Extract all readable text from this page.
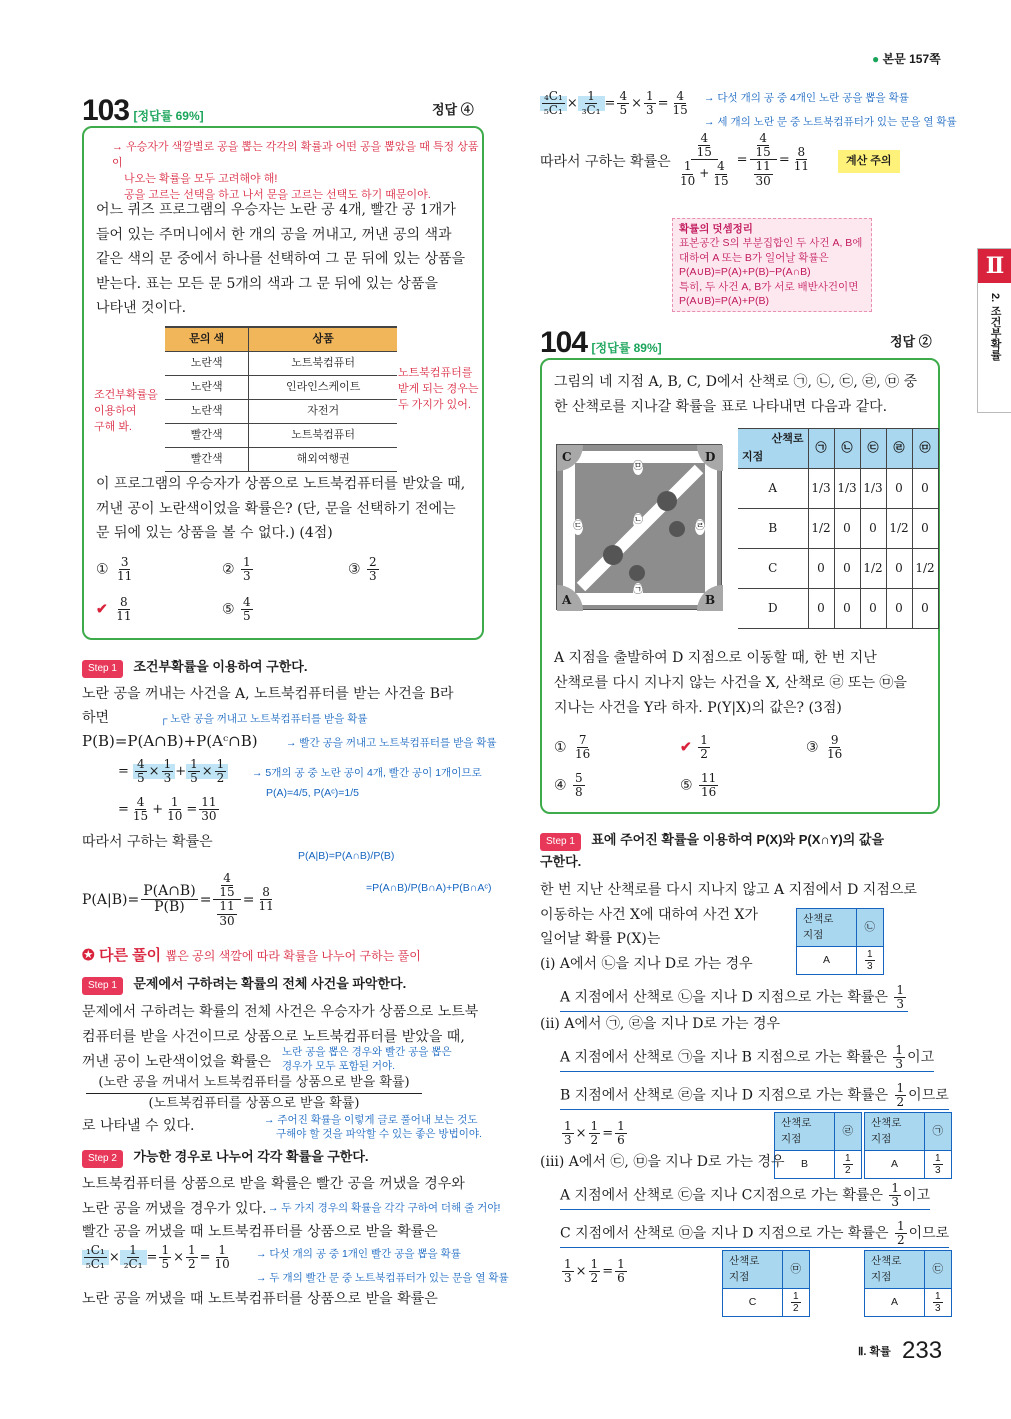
● 본문 157쪽
103 [정답률 69%]	정답 ④
→ 우승자가 색깔별로 공을 뽑는 각각의 확률과 어떤 공을 뽑았을 때 특정 상품이
나오는 확률을 모두 고려해야 해!
공을 고르는 선택을 하고 나서 문을 고르는 선택도 하기 때문이야.
어느 퀴즈 프로그램의 우승자는 노란 공 4개, 빨간 공 1개가
들어 있는 주머니에서 한 개의 공을 꺼내고, 꺼낸 공의 색과
같은 색의 문 중에서 하나를 선택하여 그 문 뒤에 있는 상품을
받는다. 표는 모든 문 5개의 색과 그 문 뒤에 있는 상품을
나타낸 것이다.
문의 색	상품
노란색	노트북컴퓨터
노란색	인라인스케이트
노란색	자전거
빨간색	노트북컴퓨터
빨간색	해외여행권
조건부확률을
이용하여
구해 봐.
노트북컴퓨터를
받게 되는 경우는
두 가지가 있어.
이 프로그램의 우승자가 상품으로 노트북컴퓨터를 받았을 때,
꺼낸 공이 노란색이었을 확률은? (단, 문을 선택하기 전에는
문 뒤에 있는 상품을 볼 수 없다.) (4점)
① $\frac{3}{11}$	② $\frac{1}{3}$	③ $\frac{2}{3}$
✔ $\frac{8}{11}$	⑤ $\frac{4}{5}$
Step 1 조건부확률을 이용하여 구한다.
노란 공을 꺼내는 사건을 A, 노트북컴퓨터를 받는 사건을 B라
하면	┌ 노란 공을 꺼내고 노트북컴퓨터를 받을 확률
P(B)=P(A∩B)+P(Aᶜ∩B)	→ 빨간 공을 꺼내고 노트북컴퓨터를 받을 확률
= $\frac{4}{5} \times \frac{1}{3} + \frac{1}{5} \times \frac{1}{2} \to 5$개의 공 중 노란 공이 4개, 빨간 공이 1개이므로
P(A)=4/5, P(Aᶜ)=1/5
= $\frac{4}{15} + \frac{1}{10} = \frac{11}{30}$
따라서 구하는 확률은
$P(A|B)= \frac{P(A\cap B)}{P(B)} = \frac{\frac{4}{15}}{\frac{11}{30}} = \frac{8}{11}$
P(A|B)=P(A∩B)/P(B)
=P(A∩B)/P(B∩A)+P(B∩Aᶜ)
✪ 다른 풀이 뽑은 공의 색깔에 따라 확률을 나누어 구하는 풀이
Step 1 문제에서 구하려는 확률의 전체 사건을 파악한다.
문제에서 구하려는 확률의 전체 사건은 우승자가 상품으로 노트북
컴퓨터를 받을 사건이므로 상품으로 노트북컴퓨터를 받았을 때,
꺼낸 공이 노란색이었을 확률은
노란 공을 뽑은 경우와 빨간 공을 뽑은
경우가 모두 포함된 거야.
(노란 공을 꺼내서 노트북컴퓨터를 상품으로 받을 확률)
(노트북컴퓨터를 상품으로 받을 확률)
로 나타낼 수 있다.	→ 주어진 확률을 이렇게 글로 풀어내 보는 것도
구해야 할 것을 파악할 수 있는 좋은 방법이야.
Step 2 가능한 경우로 나누어 각각 확률을 구한다.
노트북컴퓨터를 상품으로 받을 확률은 빨간 공을 꺼냈을 경우와
노란 공을 꺼냈을 경우가 있다. → 두 가지 경우의 확률을 각각 구하여 더해 줄 거야!
빨간 공을 꺼냈을 때 노트북컴퓨터를 상품으로 받을 확률은
$\frac{\text{₁C₁}}{\text{₅C₁}} \times \frac{1}{\text{₂C₁}} = \frac{1}{5} \times \frac{1}{2} = \frac{1}{10}$ → 다섯 개의 공 중 1개인 빨간 공을 뽑을 확률
→ 두 개의 빨간 문 중 노트북컴퓨터가 있는 문을 열 확률
노란 공을 꺼냈을 때 노트북컴퓨터를 상품으로 받을 확률은
$\frac{\text{₄C₁}}{\text{₅C₁}} \times \frac{1}{\text{₃C₁}} = \frac{4}{5} \times \frac{1}{3} = \frac{4}{15}$ → 다섯 개의 공 중 4개인 노란 공을 뽑을 확률
→ 세 개의 노란 문 중 노트북컴퓨터가 있는 문을 열 확률
따라서 구하는 확률은 $\frac{\frac{4}{15}}{\frac{1}{10} + \frac{4}{15}} = \frac{\frac{4}{15}}{\frac{11}{30}} = \frac{8}{11}$	계산 주의
확률의 덧셈정리
표본공간 S의 부분집합인 두 사건 A, B에
대하여 A 또는 B가 일어날 확률은
P(A∪B)=P(A)+P(B)−P(A∩B)
특히, 두 사건 A, B가 서로 배반사건이면
P(A∪B)=P(A)+P(B)
104 [정답률 89%]	정답 ②
그림의 네 지점 A, B, C, D에서 산책로 ㉠, ㉡, ㉢, ㉣, ㉤ 중
한 산책로를 지나갈 확률을 표로 나타내면 다음과 같다.
C	D
A	B
㉠
㉡
㉢	㉣
㉤
산책로
지점	㉠	㉡	㉢	㉣	㉤
A	1/3	1/3	1/3	0	0
B	1/2	0	0	1/2	0
C	0	0	1/2	0	1/2
D	0	0	0	0	0
A 지점을 출발하여 D 지점으로 이동할 때, 한 번 지난
산책로를 다시 지나지 않는 사건을 X, 산책로 ㉣ 또는 ㉤을
지나는 사건을 Y라 하자. P(Y|X)의 값은? (3점)
① $\frac{7}{16}$	✔ $\frac{1}{2}$	③ $\frac{9}{16}$
④ $\frac{5}{8}$	⑤ $\frac{11}{16}$
Step 1 표에 주어진 확률을 이용하여 P(X)와 P(X∩Y)의 값을
구한다.
한 번 지난 산책로를 다시 지나지 않고 A 지점에서 D 지점으로
이동하는 사건 X에 대하여 사건 X가
일어날 확률 P(X)는
(i) A에서 ㉡을 지나 D로 가는 경우
산책로
지점	㉡
A	$\frac{1}{3}$
A 지점에서 산책로 ㉡을 지나 D 지점으로 가는 확률은 $\frac{1}{3}$
(ii) A에서 ㉠, ㉣을 지나 D로 가는 경우
A 지점에서 산책로 ㉠을 지나 B 지점으로 가는 확률은 $\frac{1}{3}$ 이고
B 지점에서 산책로 ㉣을 지나 D 지점으로 가는 확률은 $\frac{1}{2}$ 이므로
$\frac{1}{3} \times \frac{1}{2} = \frac{1}{6}$	산책로
지점	㉣
B	$\frac{1}{2}$
산책로
지점	㉠
A	$\frac{1}{3}$
(iii) A에서 ㉢, ㉤을 지나 D로 가는 경우
A 지점에서 산책로 ㉢을 지나 C지점으로 가는 확률은 $\frac{1}{3}$ 이고
C 지점에서 산책로 ㉤을 지나 D 지점으로 가는 확률은 $\frac{1}{2}$ 이므로
$\frac{1}{3} \times \frac{1}{2} = \frac{1}{6}$	산책로
지점	㉤
C	$\frac{1}{2}$
산책로
지점	㉢
A	$\frac{1}{3}$
Ⅱ
2. 조건부확률
Ⅱ. 확률 233
